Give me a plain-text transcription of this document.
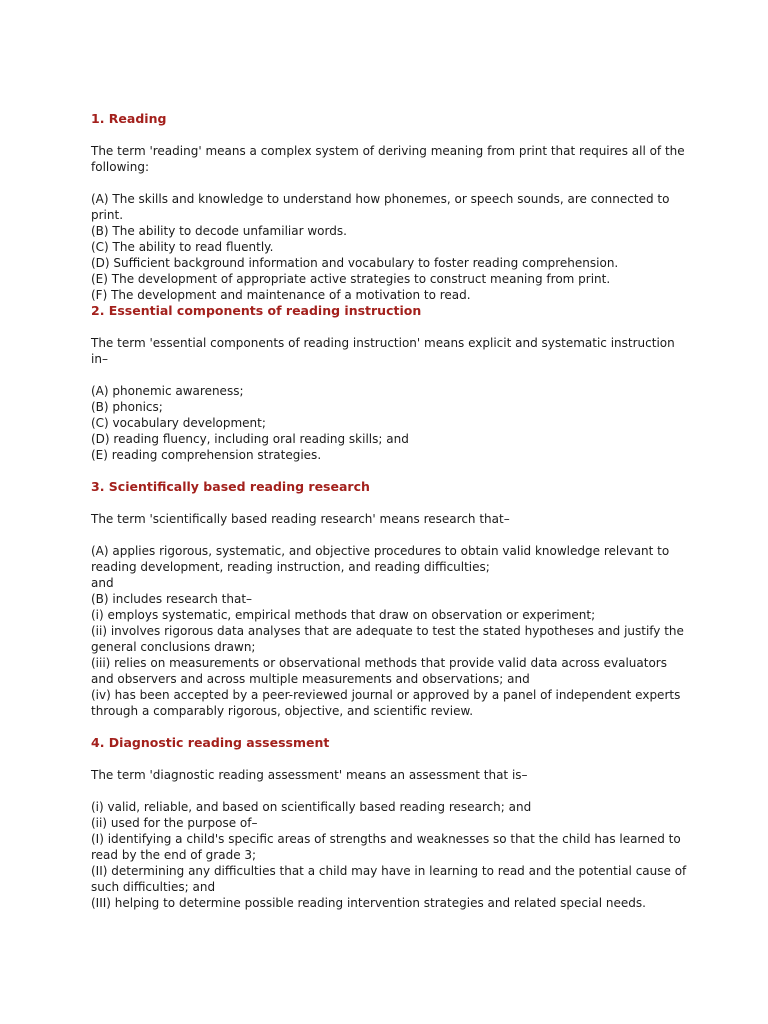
1. Reading

The term 'reading' means a complex system of deriving meaning from print that requires all of the following:

(A) The skills and knowledge to understand how phonemes, or speech sounds, are connected to print.
(B) The ability to decode unfamiliar words.
(C) The ability to read fluently.
(D) Sufficient background information and vocabulary to foster reading comprehension.
(E) The development of appropriate active strategies to construct meaning from print.
(F) The development and maintenance of a motivation to read.
2. Essential components of reading instruction

The term 'essential components of reading instruction' means explicit and systematic instruction in–

(A) phonemic awareness;
(B) phonics;
(C) vocabulary development;
(D) reading fluency, including oral reading skills; and
(E) reading comprehension strategies.
3. Scientifically based reading research

The term 'scientifically based reading research' means research that–

(A) applies rigorous, systematic, and objective procedures to obtain valid knowledge relevant to reading development, reading instruction, and reading difficulties;
and
(B) includes research that–
(i) employs systematic, empirical methods that draw on observation or experiment;
(ii) involves rigorous data analyses that are adequate to test the stated hypotheses and justify the general conclusions drawn;
(iii) relies on measurements or observational methods that provide valid data across evaluators and observers and across multiple measurements and observations; and
(iv) has been accepted by a peer-reviewed journal or approved by a panel of independent experts through a comparably rigorous, objective, and scientific review.
4. Diagnostic reading assessment

The term 'diagnostic reading assessment' means an assessment that is–

(i) valid, reliable, and based on scientifically based reading research; and
(ii) used for the purpose of–
(I) identifying a child's specific areas of strengths and weaknesses so that the child has learned to read by the end of grade 3;
(II) determining any difficulties that a child may have in learning to read and the potential cause of such difficulties; and
(III) helping to determine possible reading intervention strategies and related special needs.
